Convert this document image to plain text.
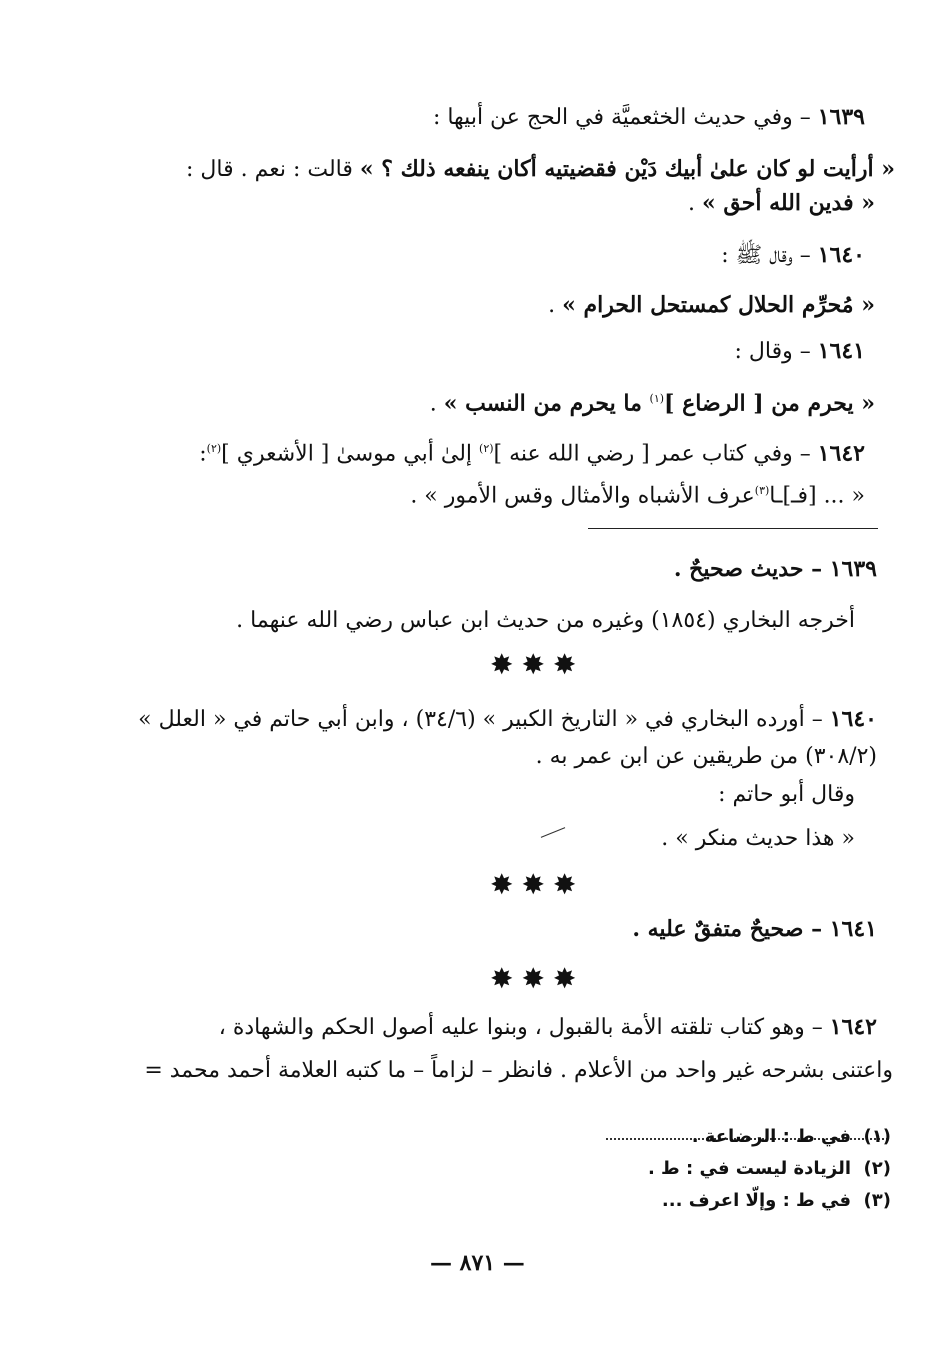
١٦٣٩ – وفي حديث الخثعميَّة في الحج عن أبيها :
« أرأيت لو كان علىٰ أبيك دَيْن فقضيتيه أكان ينفعه ذلك ؟ » قالت : نعم . قال :
« فدين الله أحق » .
١٦٤٠ – وقال ﷺ :
« مُحرِّم الحلال كمستحل الحرام » .
١٦٤١ – وقال :
« يحرم من [ الرضاع ]$^{(١)}$ ما يحرم من النسب » .
١٦٤٢ – وفي كتاب عمر [ رضي الله عنه ]$^{(٢)}$ إلىٰ أبي موسىٰ [ الأشعري ]$^{(٢)}$:
« ... [فـ]ـا$^{(٣)}$عرف الأشباه والأمثال وقس الأمور » .
١٦٣٩ – حديث صحيحٌ .
أخرجه البخاري (١٨٥٤) وغيره من حديث ابن عباس رضي الله عنهما .
✸✸✸
١٦٤٠ – أورده البخاري في « التاريخ الكبير » (٣٤/٦) ، وابن أبي حاتم في « العلل »
(٣٠٨/٢) من طريقين عن ابن عمر به .
وقال أبو حاتم :
« هذا حديث منكر » .
✸✸✸
١٦٤١ – صحيحٌ متفقٌ عليه .
✸✸✸
١٦٤٢ – وهو كتاب تلقته الأمة بالقبول ، وبنوا عليه أصول الحكم والشهادة ،
واعتنى بشرحه غير واحد من الأعلام . فانظر – لزاماً – ما كتبه العلامة أحمد محمد =
(١)في ط : الرضاعة .
(٢)الزيادة ليست في : ط .
(٣)في ط : وإلّا اعرف ...
— ٨٧١ —
